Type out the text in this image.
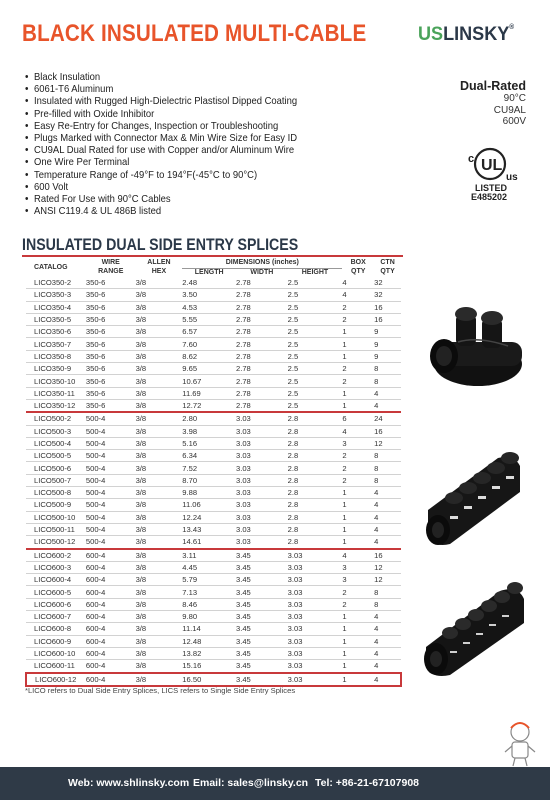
BLACK INSULATED MULTI-CABLE	USLINSKY®
• Black Insulation
• 6061-T6 Aluminum
• Insulated with Rugged High-Dielectric Plastisol Dipped Coating
• Pre-filled with Oxide Inhibitor
• Easy Re-Entry for Changes, Inspection or Troubleshooting
• Plugs Marked with Connector Max & Min Wire Size for Easy ID
• CU9AL Dual Rated for use with Copper and/or Aluminum Wire
• One Wire Per Terminal
• Temperature Range of -49°F to 194°F(-45°C to 90°C)
• 600 Volt
• Rated For Use with 90°C Cables
• ANSI C119.4 & UL 486B listed
Dual-Rated
90°C
CU9AL
600V
c UL
us
LISTED
E485202
INSULATED DUAL SIDE ENTRY SPLICES
CATALOG	WIRE	ALLEN	DIMENSIONS (inches)			BOX	CTN
	RANGE	HEX	LENGTH	WIDTH	HEIGHT	QTY	QTY
LICO350-2	350-6	3/8	2.48	2.78	2.5	4	32
LICO350-3	350-6	3/8	3.50	2.78	2.5	4	32
LICO350-4	350-6	3/8	4.53	2.78	2.5	2	16
LICO350-5	350-6	3/8	5.55	2.78	2.5	2	16
LICO350-6	350-6	3/8	6.57	2.78	2.5	1	9
LICO350-7	350-6	3/8	7.60	2.78	2.5	1	9
LICO350-8	350-6	3/8	8.62	2.78	2.5	1	9
LICO350-9	350-6	3/8	9.65	2.78	2.5	2	8
LICO350-10	350-6	3/8	10.67	2.78	2.5	2	8
LICO350-11	350-6	3/8	11.69	2.78	2.5	1	4
LICO350-12	350-6	3/8	12.72	2.78	2.5	1	4
LICO500-2	500-4	3/8	2.80	3.03	2.8	6	24
LICO500-3	500-4	3/8	3.98	3.03	2.8	4	16
LICO500-4	500-4	3/8	5.16	3.03	2.8	3	12
LICO500-5	500-4	3/8	6.34	3.03	2.8	2	8
LICO500-6	500-4	3/8	7.52	3.03	2.8	2	8
LICO500-7	500-4	3/8	8.70	3.03	2.8	2	8
LICO500-8	500-4	3/8	9.88	3.03	2.8	1	4
LICO500-9	500-4	3/8	11.06	3.03	2.8	1	4
LICO500-10	500-4	3/8	12.24	3.03	2.8	1	4
LICO500-11	500-4	3/8	13.43	3.03	2.8	1	4
LICO500-12	500-4	3/8	14.61	3.03	2.8	1	4
LICO600-2	600-4	3/8	3.11	3.45	3.03	4	16
LICO600-3	600-4	3/8	4.45	3.45	3.03	3	12
LICO600-4	600-4	3/8	5.79	3.45	3.03	3	12
LICO600-5	600-4	3/8	7.13	3.45	3.03	2	8
LICO600-6	600-4	3/8	8.46	3.45	3.03	2	8
LICO600-7	600-4	3/8	9.80	3.45	3.03	1	4
LICO600-8	600-4	3/8	11.14	3.45	3.03	1	4
LICO600-9	600-4	3/8	12.48	3.45	3.03	1	4
LICO600-10	600-4	3/8	13.82	3.45	3.03	1	4
LICO600-11	600-4	3/8	15.16	3.45	3.03	1	4
LICO600-12	600-4	3/8	16.50	3.45	3.03	1	4
*LICO refers to Dual Side Entry Splices, LICS refers to Single Side Entry Splices
Web: www.shlinsky.com Email: sales@linsky.cn Tel: +86-21-67107908
